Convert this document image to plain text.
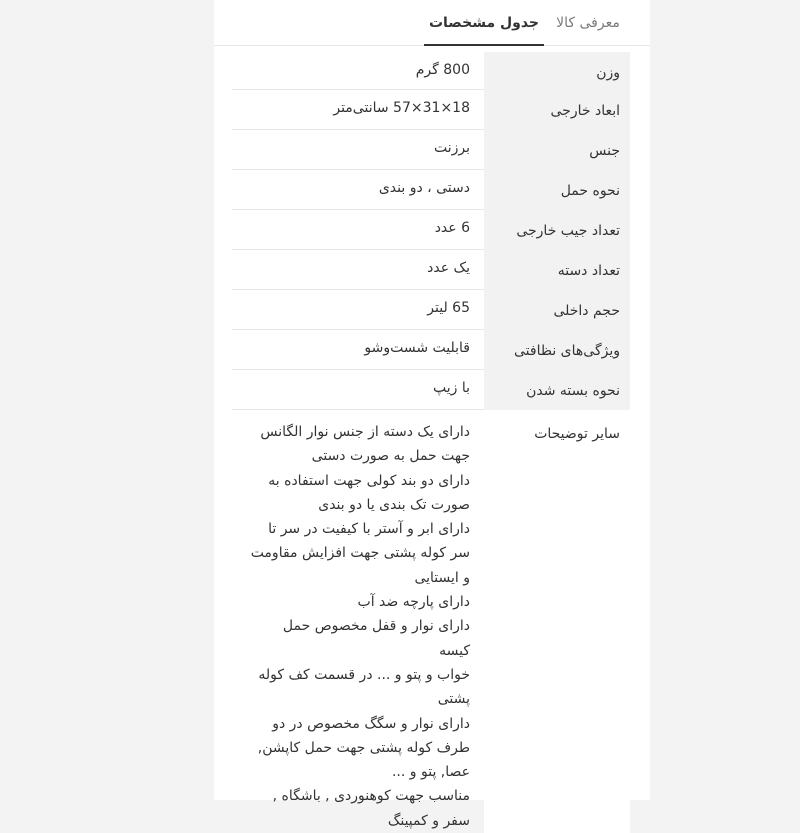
معرفی کالا
جدول مشخصات
وزن
800 گرم
ابعاد خارجی
18×31×57 سانتی‌متر
جنس
برزنت
نحوه حمل
دستی ، دو بندی
تعداد جیب خارجی
6 عدد
تعداد دسته
یک عدد
حجم داخلی
65 لیتر
ویژگی‌های نظافتی
قابلیت شست‌وشو
نحوه بسته شدن
با زیپ
سایر توضیحات
دارای یک دسته از جنس نوار الگانس
جهت حمل به صورت دستی
دارای دو بند کولی جهت استفاده به
صورت تک بندی یا دو بندی
دارای ابر و آستر با کیفیت در سر تا
سر کوله پشتی جهت افزایش مقاومت
و ایستایی
دارای پارچه ضد آب
دارای نوار و قفل مخصوص حمل کیسه
خواب و پتو و ... در قسمت کف کوله
پشتی
دارای نوار و سگگ مخصوص در دو
طرف کوله پشتی جهت حمل کاپشن,
عصا, پتو و ...
مناسب جهت کوهنوردی , باشگاه ,
سفر و کمپینگ
